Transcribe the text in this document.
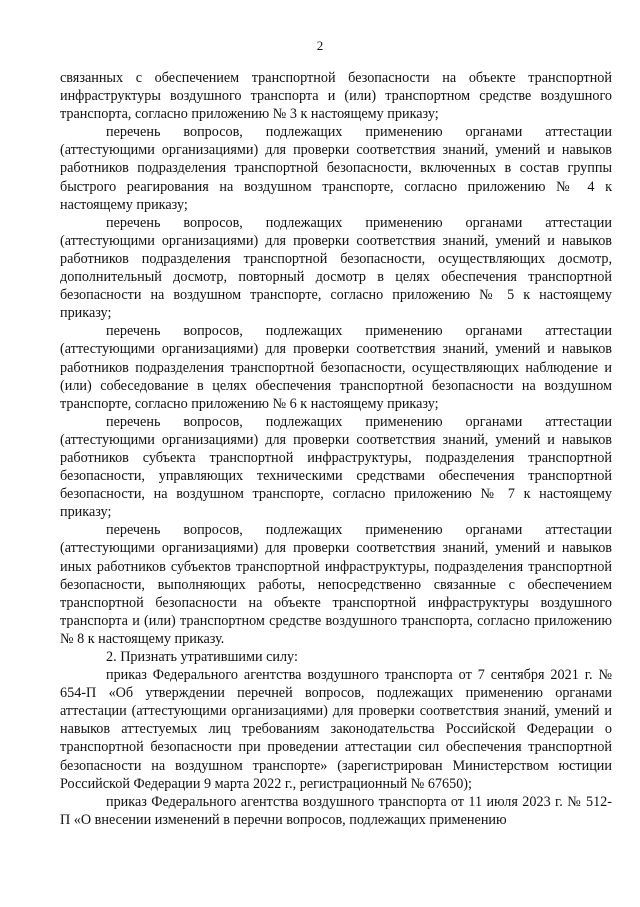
2

связанных с обеспечением транспортной безопасности на объекте транспортной инфраструктуры воздушного транспорта и (или) транспортном средстве воздушного транспорта, согласно приложению № 3 к настоящему приказу;

перечень вопросов, подлежащих применению органами аттестации (аттестующими организациями) для проверки соответствия знаний, умений и навыков работников подразделения транспортной безопасности, включенных в состав группы быстрого реагирования на воздушном транспорте, согласно приложению № 4 к настоящему приказу;

перечень вопросов, подлежащих применению органами аттестации (аттестующими организациями) для проверки соответствия знаний, умений и навыков работников подразделения транспортной безопасности, осуществляющих досмотр, дополнительный досмотр, повторный досмотр в целях обеспечения транспортной безопасности на воздушном транспорте, согласно приложению № 5 к настоящему приказу;

перечень вопросов, подлежащих применению органами аттестации (аттестующими организациями) для проверки соответствия знаний, умений и навыков работников подразделения транспортной безопасности, осуществляющих наблюдение и (или) собеседование в целях обеспечения транспортной безопасности на воздушном транспорте, согласно приложению № 6 к настоящему приказу;

перечень вопросов, подлежащих применению органами аттестации (аттестующими организациями) для проверки соответствия знаний, умений и навыков работников субъекта транспортной инфраструктуры, подразделения транспортной безопасности, управляющих техническими средствами обеспечения транспортной безопасности, на воздушном транспорте, согласно приложению № 7 к настоящему приказу;

перечень вопросов, подлежащих применению органами аттестации (аттестующими организациями) для проверки соответствия знаний, умений и навыков иных работников субъектов транспортной инфраструктуры, подразделения транспортной безопасности, выполняющих работы, непосредственно связанные с обеспечением транспортной безопасности на объекте транспортной инфраструктуры воздушного транспорта и (или) транспортном средстве воздушного транспорта, согласно приложению № 8 к настоящему приказу.

2. Признать утратившими силу:

приказ Федерального агентства воздушного транспорта от 7 сентября 2021 г. № 654-П «Об утверждении перечней вопросов, подлежащих применению органами аттестации (аттестующими организациями) для проверки соответствия знаний, умений и навыков аттестуемых лиц требованиям законодательства Российской Федерации о транспортной безопасности при проведении аттестации сил обеспечения транспортной безопасности на воздушном транспорте» (зарегистрирован Министерством юстиции Российской Федерации 9 марта 2022 г., регистрационный № 67650);

приказ Федерального агентства воздушного транспорта от 11 июля 2023 г. № 512-П «О внесении изменений в перечни вопросов, подлежащих применению
